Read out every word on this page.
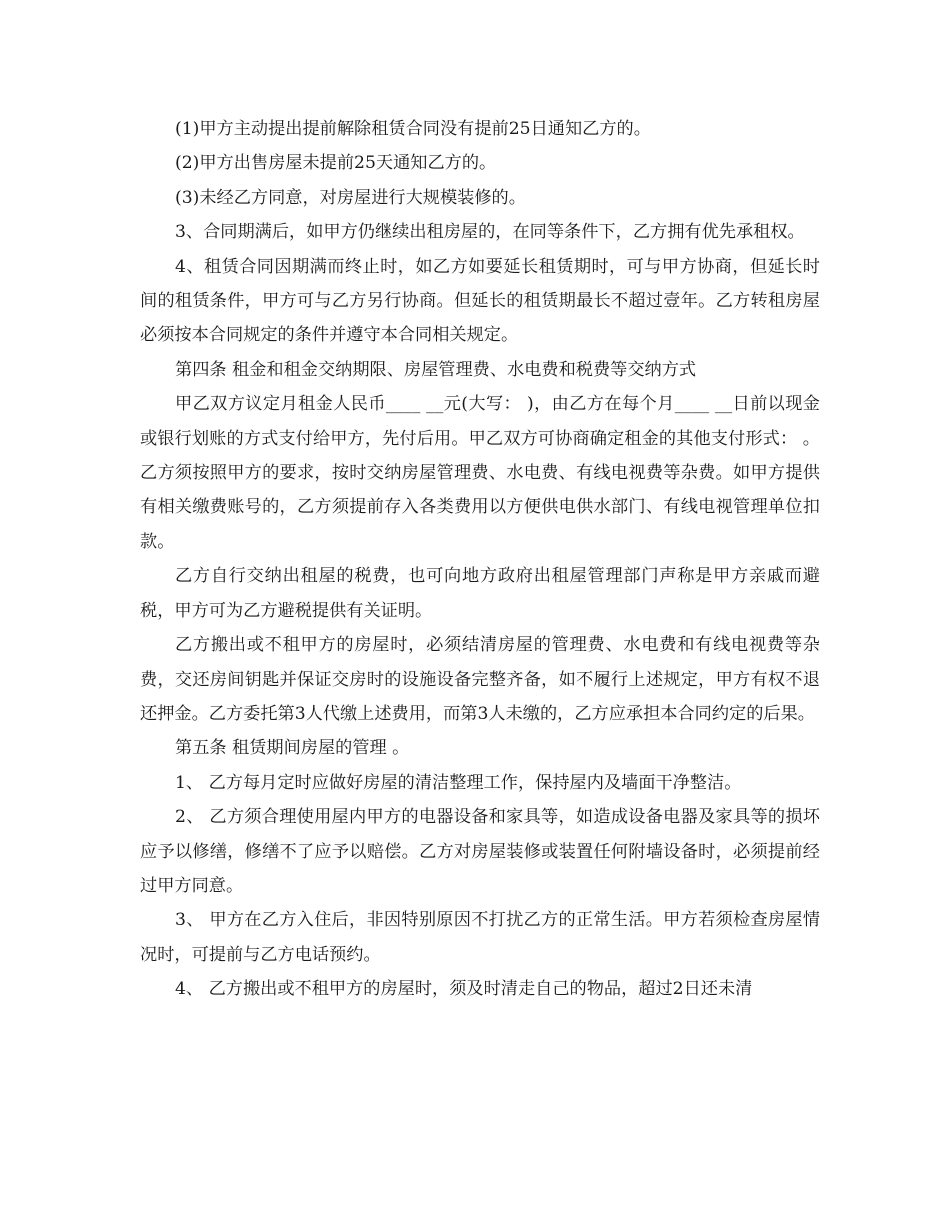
(1)甲方主动提出提前解除租赁合同没有提前25日通知乙方的。

(2)甲方出售房屋未提前25天通知乙方的。

(3)未经乙方同意，对房屋进行大规模装修的。

3、合同期满后，如甲方仍继续出租房屋的，在同等条件下，乙方拥有优先承租权。

4、租赁合同因期满而终止时，如乙方如要延长租赁期时，可与甲方协商，但延长时间的租赁条件，甲方可与乙方另行协商。但延长的租赁期最长不超过壹年。乙方转租房屋必须按本合同规定的条件并遵守本合同相关规定。

第四条 租金和租金交纳期限、房屋管理费、水电费和税费等交纳方式

甲乙双方议定月租金人民币____ __元(大写： )，由乙方在每个月____ __日前以现金或银行划账的方式支付给甲方，先付后用。甲乙双方可协商确定租金的其他支付形式： 。 乙方须按照甲方的要求，按时交纳房屋管理费、水电费、有线电视费等杂费。如甲方提供有相关缴费账号的，乙方须提前存入各类费用以方便供电供水部门、有线电视管理单位扣款。

乙方自行交纳出租屋的税费，也可向地方政府出租屋管理部门声称是甲方亲戚而避税，甲方可为乙方避税提供有关证明。

乙方搬出或不租甲方的房屋时，必须结清房屋的管理费、水电费和有线电视费等杂费，交还房间钥匙并保证交房时的设施设备完整齐备，如不履行上述规定，甲方有权不退还押金。乙方委托第3人代缴上述费用，而第3人未缴的，乙方应承担本合同约定的后果。

第五条 租赁期间房屋的管理 。

1、 乙方每月定时应做好房屋的清洁整理工作，保持屋内及墙面干净整洁。

2、 乙方须合理使用屋内甲方的电器设备和家具等，如造成设备电器及家具等的损坏应予以修缮，修缮不了应予以赔偿。乙方对房屋装修或装置任何附墙设备时，必须提前经过甲方同意。

3、 甲方在乙方入住后，非因特别原因不打扰乙方的正常生活。甲方若须检查房屋情况时，可提前与乙方电话预约。

4、 乙方搬出或不租甲方的房屋时，须及时清走自己的物品，超过2日还未清
